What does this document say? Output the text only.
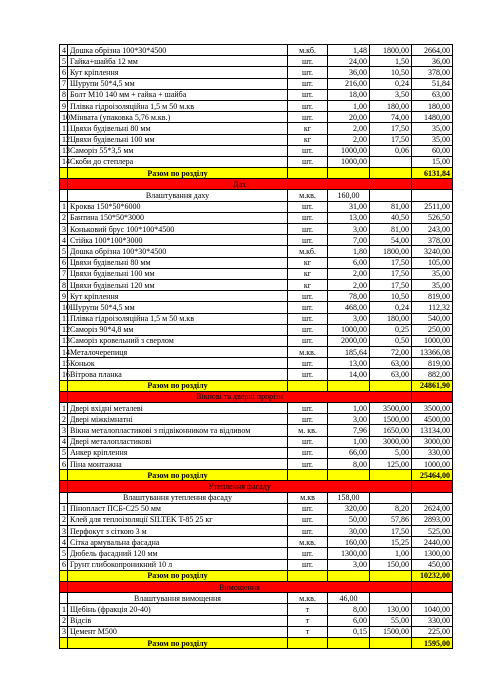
4	Дошка обрізна 100*30*4500	м.кб.	1,48	1800,00	2664,00
5	Гайка+шайба 12 мм	шт.	24,00	1,50	36,00
6	Кут кріплення	шт.	36,00	10,50	378,00
7	Шурупи 50*4,5 мм	шт.	216,00	0,24	51,84
8	Болт М10 140 мм + гайка + шайба	шт.	18,00	3,50	63,00
9	Плівка гідроізоляційна 1,5 м 50 м.кв	шт.	1,00	180,00	180,00
10	Мінвата (упаковка 5,76 м.кв.)	шт.	20,00	74,00	1480,00
11	Цвяхи будівельні 80 мм	кг	2,00	17,50	35,00
12	Цвяхи будівельні 100 мм	кг	2,00	17,50	35,00
13	Саморіз 55*3,5 мм	шт.	1000,00	0,06	60,00
14	Скоби до степлера	шт.	1000,00		15,00
	Разом по розділу				6131,84
	Дах				
	Влаштування даху	м.кв.	160,00		
1	Кроква 150*50*6000	шт.	31,00	81,00	2511,00
2	Бантина 150*50*3000	шт.	13,00	40,50	526,50
3	Коньковий брус 100*100*4500	шт.	3,00	81,00	243,00
4	Стійка 100*100*3000	шт.	7,00	54,00	378,00
5	Дошка обрізна 100*30*4500	м.кб.	1,80	1800,00	3240,00
6	Цвяхи будівельні 80 мм	кг	6,00	17,50	105,00
7	Цвяхи будівельні 100 мм	кг	2,00	17,50	35,00
8	Цвяхи будівельні 120 мм	кг	2,00	17,50	35,00
9	Кут кріплення	шт.	78,00	10,50	819,00
10	Шурупи 50*4,5 мм	шт.	468,00	0,24	112,32
11	Плівка гідроізоляційна 1,5 м 50 м.кв	шт.	3,00	180,00	540,00
12	Саморіз 90*4,8 мм	шт.	1000,00	0,25	250,00
13	Саморіз кровельний з сверлом	шт.	2000,00	0,50	1000,00
14	Металочерепиця	м.кв.	185,64	72,00	13366,08
15	Коньок	шт.	13,00	63,00	819,00
16	Вітрова планка	шт.	14,00	63,00	882,00
	Разом по розділу				24861,90
	Вікнові та дверні прорізи				
1	Двері вхідні металеві	шт.	1,00	3500,00	3500,00
2	Двері міжкімнатні	шт.	3,00	1500,00	4500,00
3	Вікна металопластикові з підвіконником та відливом	м. кв.	7,96	1650,00	13134,00
4	Двері металопластикові	шт.	1,00	3000,00	3000,00
5	Анкер кріплення	шт.	66,00	5,00	330,00
6	Піна монтажна	шт.	8,00	125,00	1000,00
	Разом по розділу				25464,00
	Утеплення фасаду				
	Влаштування утеплення фасаду	м.кв	158,00		
1	Пінопласт ПСБ-С25 50 мм	шт.	320,00	8,20	2624,00
2	Клей для теплоізоляції SILTEK T-85 25 кг	шт.	50,00	57,86	2893,00
3	Перфокут з сіткою 3 м	шт.	30,00	17,50	525,00
4	Сітка армувальна фасадна	м.кв.	160,00	15,25	2440,00
5	Дюбель фасадний 120 мм	шт.	1300,00	1,00	1300,00
6	Грунт глибокопроникний 10 л	шт.	3,00	150,00	450,00
	Разом по розділу				10232,00
	Вимощення				
	Влаштування вимощення	м.кв.	46,00		
1	Щебінь (фракція 20-40)	т	8,00	130,00	1040,00
2	Відсів	т	6,00	55,00	330,00
3	Цемент М500	т	0,15	1500,00	225,00
	Разом по розділу				1595,00
